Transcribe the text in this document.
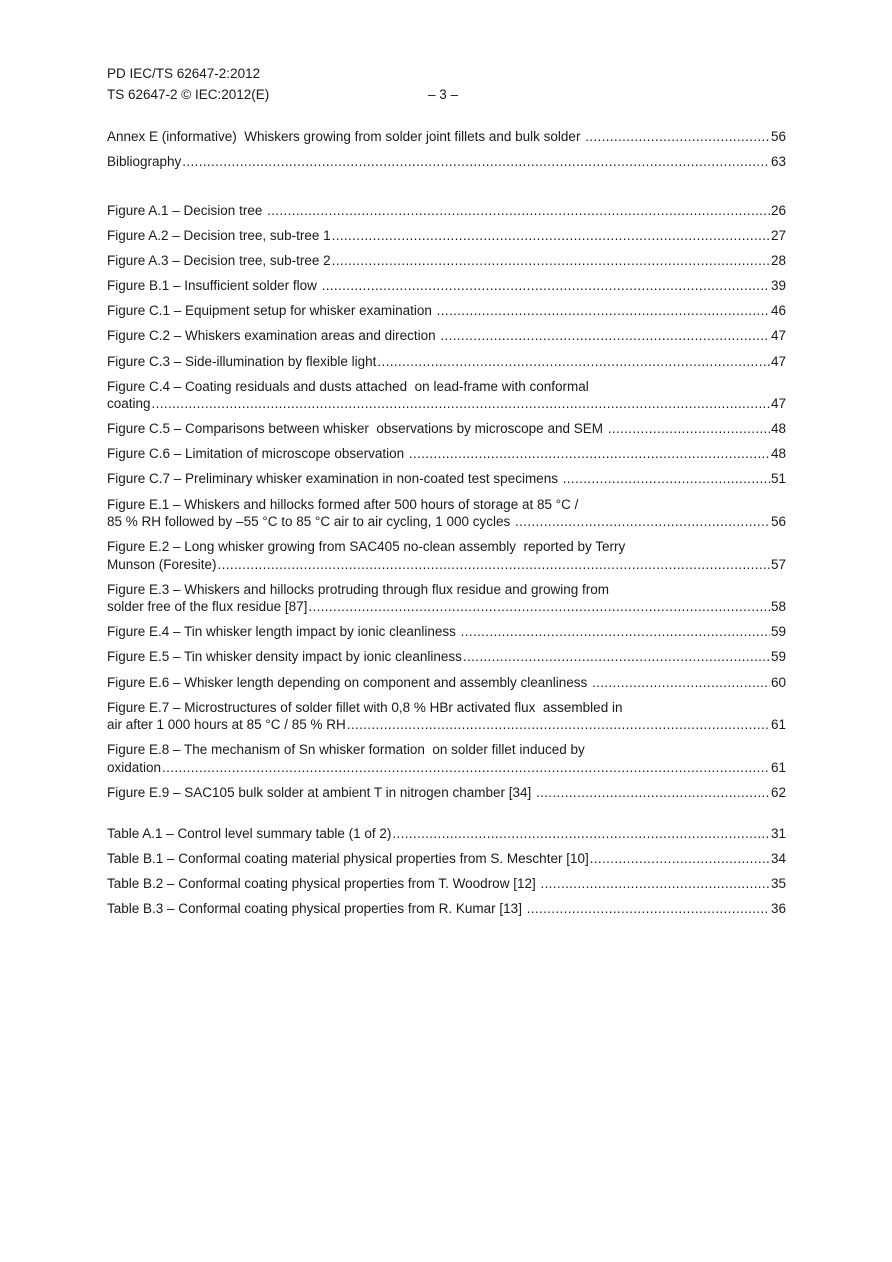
PD IEC/TS 62647-2:2012
TS 62647-2 © IEC:2012(E)	– 3 –
Annex E (informative)  Whiskers growing from solder joint fillets and bulk solder .....	56
Bibliography .....	63
Figure A.1 – Decision tree .....	26
Figure A.2 – Decision tree, sub-tree 1 .....	27
Figure A.3 – Decision tree, sub-tree 2 .....	28
Figure B.1 – Insufficient solder flow .....	39
Figure C.1 – Equipment setup for whisker examination .....	46
Figure C.2 – Whiskers examination areas and direction .....	47
Figure C.3 – Side-illumination by flexible light .....	47
Figure C.4 – Coating residuals and dusts attached  on lead-frame with conformal
coating .....	47
Figure C.5 – Comparisons between whisker  observations by microscope and SEM .....	48
Figure C.6 – Limitation of microscope observation .....	48
Figure C.7 – Preliminary whisker examination in non-coated test specimens .....	51
Figure E.1 – Whiskers and hillocks formed after 500 hours of storage at 85 °C /
85 % RH followed by –55 °C to 85 °C air to air cycling, 1 000 cycles .....	56
Figure E.2 – Long whisker growing from SAC405 no-clean assembly  reported by Terry
Munson (Foresite) .....	57
Figure E.3 – Whiskers and hillocks protruding through flux residue and growing from
solder free of the flux residue [87] .....	58
Figure E.4 – Tin whisker length impact by ionic cleanliness .....	59
Figure E.5 – Tin whisker density impact by ionic cleanliness .....	59
Figure E.6 – Whisker length depending on component and assembly cleanliness .....	60
Figure E.7 – Microstructures of solder fillet with 0,8 % HBr activated flux  assembled in
air after 1 000 hours at 85 °C / 85 % RH .....	61
Figure E.8 – The mechanism of Sn whisker formation  on solder fillet induced by
oxidation .....	61
Figure E.9 – SAC105 bulk solder at ambient T in nitrogen chamber [34] .....	62
Table A.1 – Control level summary table (1 of 2) .....	31
Table B.1 – Conformal coating material physical properties from S. Meschter [10] .....	34
Table B.2 – Conformal coating physical properties from T. Woodrow [12] .....	35
Table B.3 – Conformal coating physical properties from R. Kumar [13] .....	36
